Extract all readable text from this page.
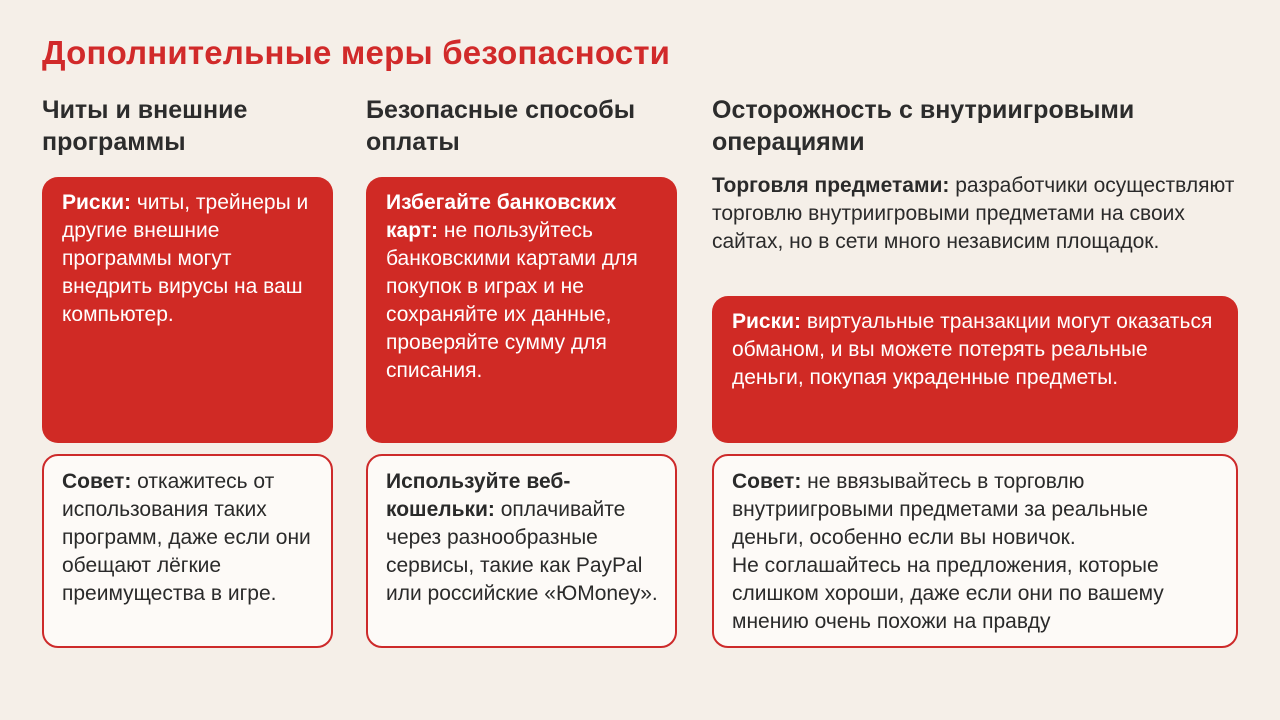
Дополнительные меры безопасности
Читы и внешние программы
Риски: читы, трейнеры и другие внешние программы могут внедрить вирусы на ваш компьютер.
Совет: откажитесь от использования таких программ, даже если они обещают лёгкие преимущества в игре.
Безопасные способы оплаты
Избегайте банковских карт: не пользуйтесь банковскими картами для покупок в играх и не сохраняйте их данные, проверяйте сумму для списания.
Используйте веб-кошельки: оплачивайте через разнообразные сервисы, такие как PayPal или российские «ЮMoney».
Осторожность с внутриигровыми операциями
Торговля предметами: разработчики осуществляют торговлю внутриигровыми предметами на своих сайтах, но в сети много независим площадок.
Риски: виртуальные транзакции могут оказаться обманом, и вы можете потерять реальные деньги, покупая украденные предметы.
Совет: не ввязывайтесь в торговлю внутриигровыми предметами за реальные деньги, особенно если вы новичок.
Не соглашайтесь на предложения, которые слишком хороши, даже если они по вашему мнению очень похожи на правду
